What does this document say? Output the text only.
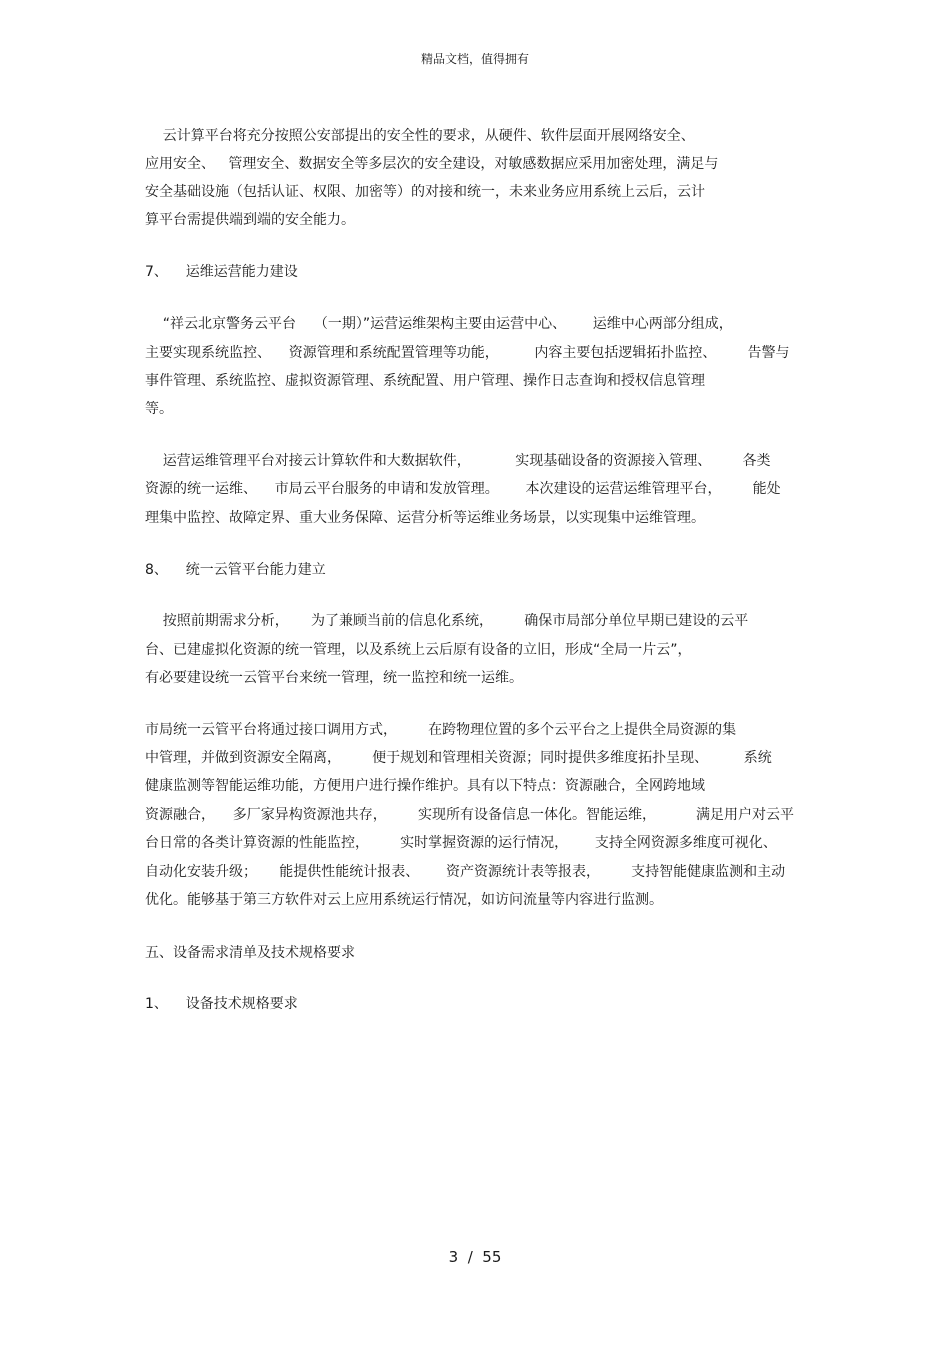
精品文档，值得拥有
云计算平台将充分按照公安部提出的安全性的要求，从硬件、软件层面开展网络安全、
应用安全、   管理安全、数据安全等多层次的安全建设，对敏感数据应采用加密处理，满足与
安全基础设施（包括认证、权限、加密等）的对接和统一，未来业务应用系统上云后，云计
算平台需提供端到端的安全能力。
7、    运维运营能力建设
“祥云北京警务云平台    （一期）”运营运维架构主要由运营中心、      运维中心两部分组成，
主要实现系统监控、    资源管理和系统配置管理等功能，        内容主要包括逻辑拓扑监控、       告警与
事件管理、系统监控、虚拟资源管理、系统配置、用户管理、操作日志查询和授权信息管理
等。
运营运维管理平台对接云计算软件和大数据软件，          实现基础设备的资源接入管理、       各类
资源的统一运维、    市局云平台服务的申请和发放管理。      本次建设的运营运维管理平台，       能处
理集中监控、故障定界、重大业务保障、运营分析等运维业务场景，以实现集中运维管理。
8、    统一云管平台能力建立
按照前期需求分析，     为了兼顾当前的信息化系统，       确保市局部分单位早期已建设的云平
台、已建虚拟化资源的统一管理，以及系统上云后原有设备的立旧，形成“全局一片云”，
有必要建设统一云管平台来统一管理，统一监控和统一运维。
市局统一云管平台将通过接口调用方式，       在跨物理位置的多个云平台之上提供全局资源的集
中管理，并做到资源安全隔离，       便于规划和管理相关资源；同时提供多维度拓扑呈现、        系统
健康监测等智能运维功能，方便用户进行操作维护。具有以下特点：资源融合，全网跨地域
资源融合，    多厂家异构资源池共存，       实现所有设备信息一体化。智能运维，         满足用户对云平
台日常的各类计算资源的性能监控，       实时掌握资源的运行情况，      支持全网资源多维度可视化、
自动化安装升级；     能提供性能统计报表、      资产资源统计表等报表，       支持智能健康监测和主动
优化。能够基于第三方软件对云上应用系统运行情况，如访问流量等内容进行监测。
五、设备需求清单及技术规格要求
1、    设备技术规格要求
3  /  55
